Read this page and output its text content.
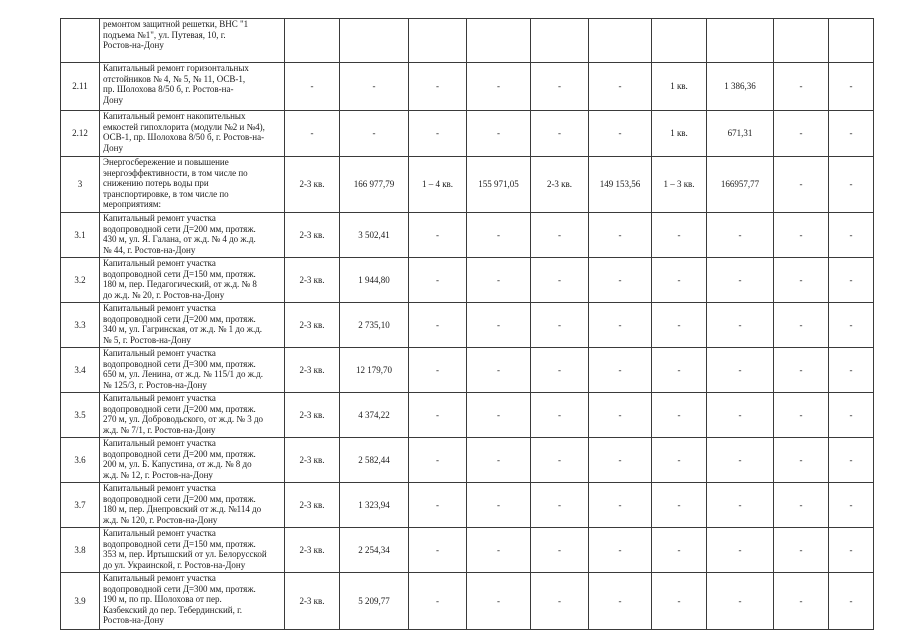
	ремонтом защитной решетки, ВНС "1
подъема №1", ул. Путевая, 10, г.
Ростов-на-Дону										

2.11	Капитальный ремонт горизонтальных
отстойников № 4, № 5, № 11, ОСВ-1,
пр. Шолохова 8/50 б, г. Ростов-на-
Дону	-	-	-	-	-	-	1 кв.	1 386,36	-	-
2.12	Капитальный ремонт накопительных
емкостей гипохлорита (модули №2 и №4),
ОСВ-1, пр. Шолохова 8/50 б, г. Ростов-на-
Дону	-	-	-	-	-	-	1 кв.	671,31	-	-
3	Энергосбережение и повышение
энергоэффективности, в том числе по
снижению потерь воды при
транспортировке, в том числе по
мероприятиям:	2-3 кв.	166 977,79	1 – 4 кв.	155 971,05	2-3 кв.	149 153,56	1 – 3 кв.	166957,77	-	-
3.1	Капитальный ремонт участка
водопроводной сети Д=200 мм, протяж.
430 м, ул. Я. Галана, от ж.д. № 4 до ж.д.
№ 44, г. Ростов-на-Дону	2-3 кв.	3 502,41	-	-	-	-	-	-	-	-
3.2	Капитальный ремонт участка
водопроводной сети Д=150 мм, протяж.
180 м, пер. Педагогический, от ж.д. № 8
до ж.д. № 20, г. Ростов-на-Дону	2-3 кв.	1 944,80	-	-	-	-	-	-	-	-
3.3	Капитальный ремонт участка
водопроводной сети Д=200 мм, протяж.
340 м, ул. Гагринская, от ж.д. № 1 до ж.д.
№ 5, г. Ростов-на-Дону	2-3 кв.	2 735,10	-	-	-	-	-	-	-	-
3.4	Капитальный ремонт участка
водопроводной сети Д=300 мм, протяж.
650 м, ул. Ленина, от ж.д. № 115/1 до ж.д.
№ 125/3, г. Ростов-на-Дону	2-3 кв.	12 179,70	-	-	-	-	-	-	-	-
3.5	Капитальный ремонт участка
водопроводной сети Д=200 мм, протяж.
270 м, ул. Доброводьского, от ж.д. № 3 до
ж.д. № 7/1, г. Ростов-на-Дону	2-3 кв.	4 374,22	-	-	-	-	-	-	-	-
3.6	Капитальный ремонт участка
водопроводной сети Д=200 мм, протяж.
200 м, ул. Б. Капустина, от ж.д. № 8 до
ж.д. № 12, г. Ростов-на-Дону	2-3 кв.	2 582,44	-	-	-	-	-	-	-	-
3.7	Капитальный ремонт участка
водопроводной сети Д=200 мм, протяж.
180 м, пер. Днепровский от ж.д. №114 до
ж.д. № 120, г. Ростов-на-Дону	2-3 кв.	1 323,94	-	-	-	-	-	-	-	-
3.8	Капитальный ремонт участка
водопроводной сети Д=150 мм, протяж.
353 м, пер. Иртышский от ул. Белорусской
до ул. Украинской, г. Ростов-на-Дону	2-3 кв.	2 254,34	-	-	-	-	-	-	-	-
3.9	Капитальный ремонт участка
водопроводной сети Д=300 мм, протяж.
190 м, по пр. Шолохова от пер.
Казбекский до пер. Тебердинский, г.
Ростов-на-Дону	2-3 кв.	5 209,77	-	-	-	-	-	-	-	-
